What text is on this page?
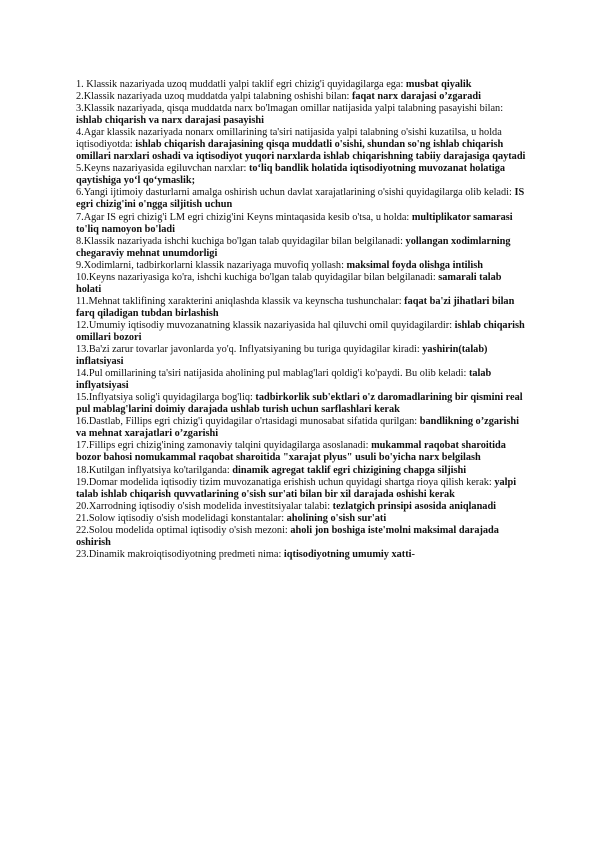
1. Klassik nazariyada uzoq muddatli yalpi taklif egri chizig'i quyidagilarga ega: musbat qiyalik

2.Klassik nazariyada uzoq muddatda yalpi talabning oshishi bilan: faqat narx darajasi o’zgaradi

3.Klassik nazariyada, qisqa muddatda narx bo'lmagan omillar natijasida yalpi talabning pasayishi bilan: ishlab chiqarish va narx darajasi pasayishi

4.Agar klassik nazariyada nonarx omillarining ta'siri natijasida yalpi talabning o'sishi kuzatilsa, u holda iqtisodiyotda: ishlab chiqarish darajasining qisqa muddatli o'sishi, shundan so'ng ishlab chiqarish omillari narxlari oshadi va iqtisodiyot yuqori narxlarda ishlab chiqarishning tabiiy darajasiga qaytadi

5.Keyns nazariyasida egiluvchan narxlar: to‘liq bandlik holatida iqtisodiyotning muvozanat holatiga qaytishiga yo‘l qo‘ymaslik;

6.Yangi ijtimoiy dasturlarni amalga oshirish uchun davlat xarajatlarining o'sishi quyidagilarga olib keladi: IS egri chizig'ini o'ngga siljitish uchun

7.Agar IS egri chizig'i LM egri chizig'ini Keyns mintaqasida kesib o'tsa, u holda: multiplikator samarasi to'liq namoyon bo'ladi

8.Klassik nazariyada ishchi kuchiga bo'lgan talab quyidagilar bilan belgilanadi: yollangan xodimlarning chegaraviy mehnat unumdorligi

9.Xodimlarni, tadbirkorlarni klassik nazariyaga muvofiq yollash: maksimal foyda olishga intilish

10.Keyns nazariyasiga ko'ra, ishchi kuchiga bo'lgan talab quyidagilar bilan belgilanadi: samarali talab holati

11.Mehnat taklifining xarakterini aniqlashda klassik va keynscha tushunchalar: faqat ba'zi jihatlari bilan farq qiladigan tubdan birlashish

12.Umumiy iqtisodiy muvozanatning klassik nazariyasida hal qiluvchi omil quyidagilardir: ishlab chiqarish omillari bozori

13.Ba'zi zarur tovarlar javonlarda yo'q. Inflyatsiyaning bu turiga quyidagilar kiradi: yashirin(talab) inflatsiyasi

14.Pul omillarining ta'siri natijasida aholining pul mablag'lari qoldig'i ko'paydi. Bu olib keladi: talab inflyatsiyasi

15.Inflyatsiya solig'i quyidagilarga bog'liq: tadbirkorlik sub'ektlari o'z daromadlarining bir qismini real pul mablag'larini doimiy darajada ushlab turish uchun sarflashlari kerak

16.Dastlab, Fillips egri chizig'i quyidagilar o'rtasidagi munosabat sifatida qurilgan: bandlikning o’zgarishi va mehnat xarajatlari o’zgarishi

17.Fillips egri chizig'ining zamonaviy talqini quyidagilarga asoslanadi: mukammal raqobat sharoitida bozor bahosi nomukammal raqobat sharoitida "xarajat plyus" usuli bo'yicha narx belgilash

18.Kutilgan inflyatsiya ko'tarilganda: dinamik agregat taklif egri chizigining chapga siljishi

19.Domar modelida iqtisodiy tizim muvozanatiga erishish uchun quyidagi shartga rioya qilish kerak: yalpi talab ishlab chiqarish quvvatlarining o'sish sur'ati bilan bir xil darajada oshishi kerak

20.Xarrodning iqtisodiy o'sish modelida investitsiyalar talabi: tezlatgich prinsipi asosida aniqlanadi

21.Solow iqtisodiy o'sish modelidagi konstantalar: aholining o'sish sur'ati

22.Solou modelida optimal iqtisodiy o'sish mezoni: aholi jon boshiga iste'molni maksimal darajada oshirish

23.Dinamik makroiqtisodiyotning predmeti nima: iqtisodiyotning umumiy xatti-
